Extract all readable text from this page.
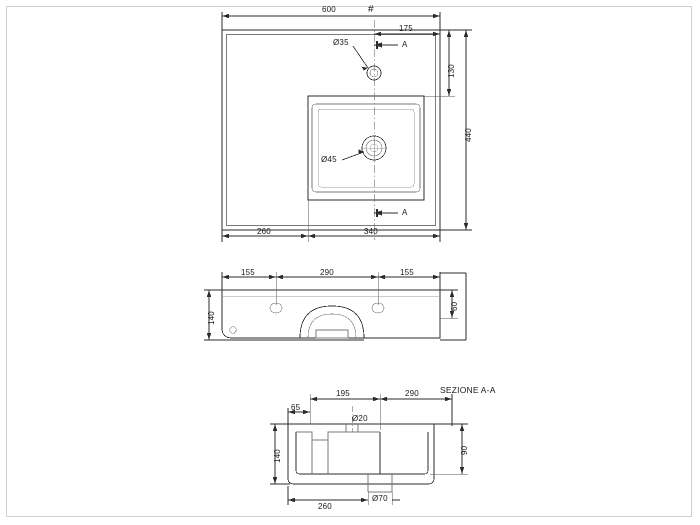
#
600
175
Ø35	A
Ø45
130
440
260	340
A
155	290	155
140
60
SEZIONE A-A
195	290
65
Ø20
90
140
260
Ø70
